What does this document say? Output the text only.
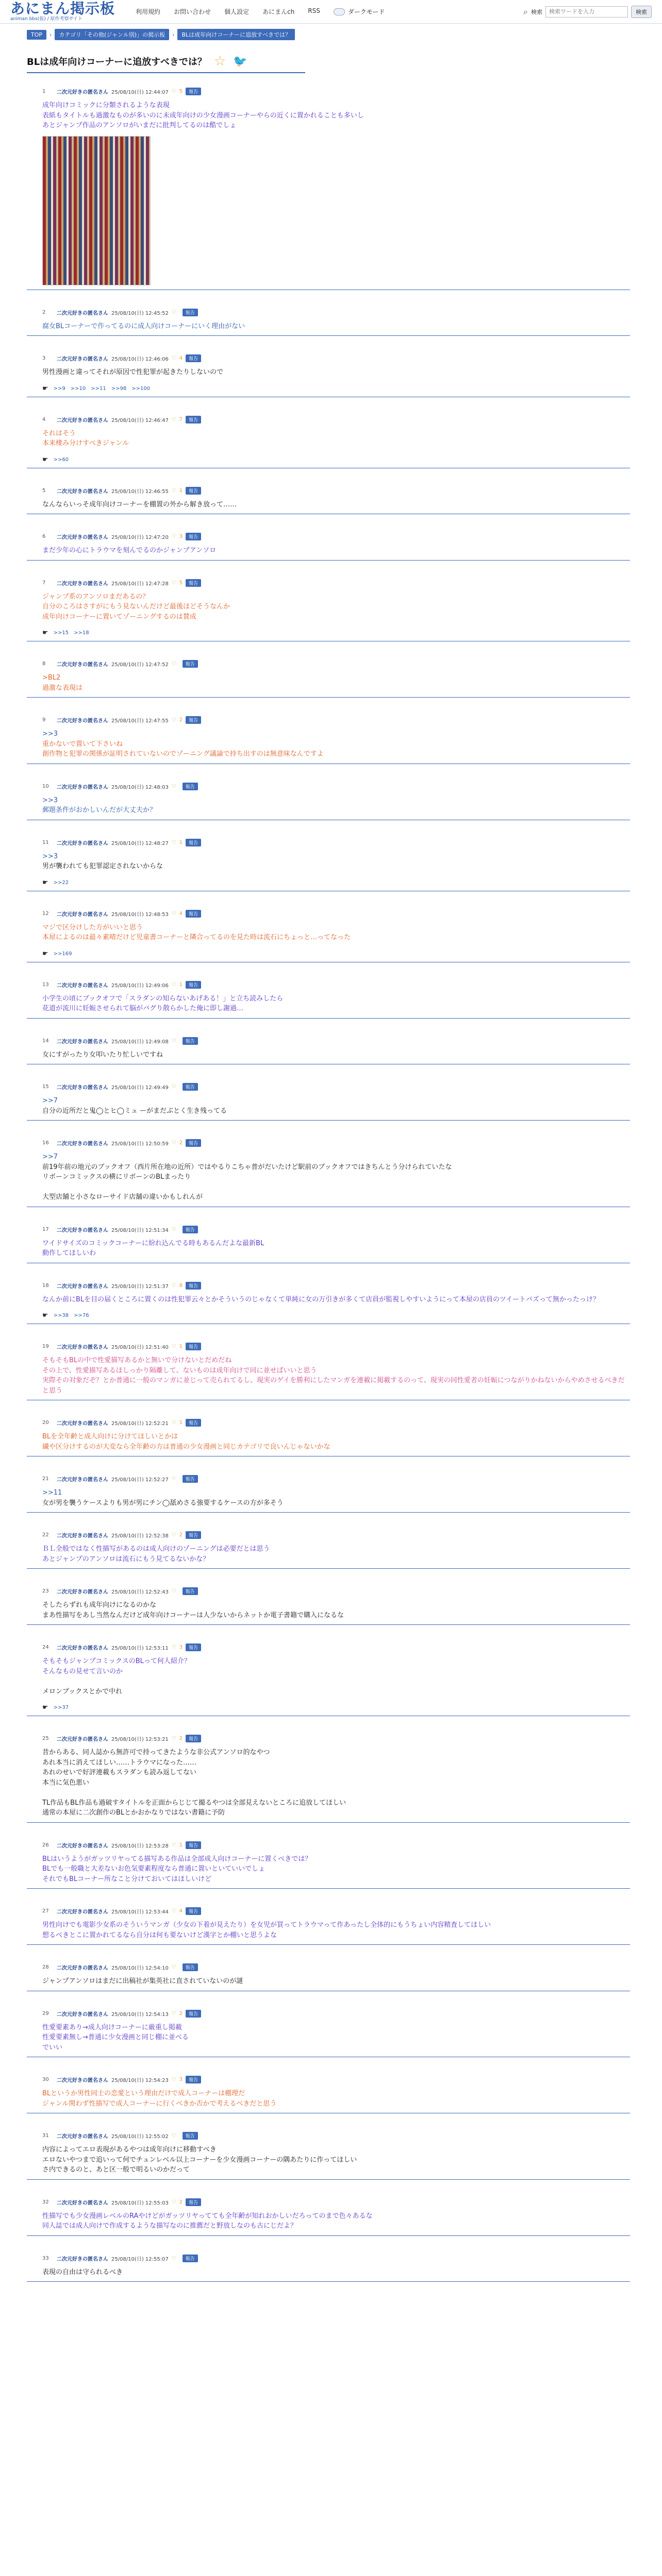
あにまん掲示板
animan bbs(仮) / 原作考察サイト
利用規約 お問い合わせ 個人設定 あにまんch RSS	ダークモード	⌕ 検索
検索ワードを入力	検索
TOP	›	カテゴリ「その他(ジャンル別)」の掲示板	›	BLは成年向けコーナーに追放すべきでは？
BLは成年向けコーナーに追放すべきでは？ ☆ 🐦
1	二次元好きの匿名さん 25/08/10(日) 12:44:07 ♡ 5	報告

成年向けコミックに分類されるような表現

表紙もタイトルも過激なものが多いのに未成年向けの少女漫画コーナーやらの近くに置かれることも多いし

あとジャンプ作品のアンソロがいまだに批判してるのは酷でしょ

2	二次元好きの匿名さん 25/08/10(日) 12:45:52 ♡	報告

腐女BLコーナーで作ってるのに成人向けコーナーにいく理由がない

3	二次元好きの匿名さん 25/08/10(日) 12:46:06 ♡ 4	報告

男性漫画と違ってそれが原因で性犯罪が起きたりしないので

☛ >>9 >>10 >>11 >>98 >>100
4	二次元好きの匿名さん 25/08/10(日) 12:46:47 ♡ 7	報告

それはそう

本来棲み分けすべきジャンル

☛ >>60
5	二次元好きの匿名さん 25/08/10(日) 12:46:55 ♡ 1	報告

なんならいっそ成年向けコーナーを棚置の外から解き放って……

6	二次元好きの匿名さん 25/08/10(日) 12:47:20 ♡ 3	報告

まだ少年の心にトラウマを刻んでるのかジャンプアンソロ

7	二次元好きの匿名さん 25/08/10(日) 12:47:28 ♡ 5	報告

ジャンプ系のアンソロまだあるの？

自分のころはさすがにもう見ないんだけど最後ほどそうなんか

成年向けコーナーに置いてゾーニングするのは賛成

☛ >>15 >>18
8	二次元好きの匿名さん 25/08/10(日) 12:47:52 ♡	報告

>BL2

過激な表現は

9	二次元好きの匿名さん 25/08/10(日) 12:47:55 ♡ 2	報告

>>3

重かないで置いて下さいね

創作物と犯罪の関係が証明されていないのでゾーニング議論で持ち出すのは無意味なんですよ

10	二次元好きの匿名さん 25/08/10(日) 12:48:03 ♡	報告

>>3

郵題条件がおかしいんだが大丈夫か？

11	二次元好きの匿名さん 25/08/10(日) 12:48:27 ♡ 1	報告

>>3

男が襲われても犯罪認定されないからな

☛ >>22
12	二次元好きの匿名さん 25/08/10(日) 12:48:53 ♡ 4	報告

マジで区分けした方がいいと思う

本屋によるのは最々素晴だけど児童書コーナーと隣合ってるのを見た時は流石にちょっと…ってなった

☛ >>169
13	二次元好きの匿名さん 25/08/10(日) 12:49:06 ♡ 1	報告

小学生の頃にブックオフで「スラダンの知らないあげある！」と立ち読みしたら

花道が流川に妊娠させられて脳がバグり散らかした俺に即し謝過…

14	二次元好きの匿名さん 25/08/10(日) 12:49:08 ♡	報告

女にすがったり女叩いたり忙しいですね

15	二次元好きの匿名さん 25/08/10(日) 12:49:49 ♡	報告

>>7

自分の近所だと鬼◯とヒ◯ミュ ーがまだぶとく生き残ってる

16	二次元好きの匿名さん 25/08/10(日) 12:50:59 ♡ 2	報告

>>7

前19年前の地元のブックオフ（西片所在地の近所）ではやるりこちゃ普がだいたけど駅前のブックオフではきちんとう分けられていたな

リボーンコミックスの横にリボーンのBLまったり

大型店舗と小さなローサイド店舗の違いかもしれんが

17	二次元好きの匿名さん 25/08/10(日) 12:51:34 ♡	報告

ワイドサイズのコミックコーナーに紛れ込んでる時もあるんだよな最新BL

動作してほしいわ

18	二次元好きの匿名さん 25/08/10(日) 12:51:37 ♡ 8	報告

なんか前にBLを目の届くところに置くのは性犯罪云々とかそういうのじゃなくて単純に女の万引きが多くて店員が監視しやすいようにって本屋の店員のツイートバズって無かったっけ？

☛ >>38 >>76
19	二次元好きの匿名さん 25/08/10(日) 12:51:40 ♡ 1	報告

そもそもBLの中で性愛描写あるかと無いで分けないとだめだね

その上で、性愛描写あるほしっかり隔離して、ないものは成年向けで同に並せばいいと思う

実際その対象だぞ？とか普通に一般のマンガに並じって売られてるし、現実のゲイを勝利にしたマンガを連載に掲載するのって、現実の同性愛者の妊娠につながりかねないからやめさせるべきだと思う

20	二次元好きの匿名さん 25/08/10(日) 12:52:21 ♡ 1	報告

BLを全年齢と成人向けに分けてほしいとかは

繊や区分けするのが大変なら全年齢の方は普通の少女漫画と同じカテゴリで良いんじゃないかな

21	二次元好きの匿名さん 25/08/10(日) 12:52:27 ♡	報告

>>11

女が男を襲うケースよりも男が男にチン◯舐めさる強要するケースの方が多そう

22	二次元好きの匿名さん 25/08/10(日) 12:52:38 ♡ 2	報告

ＢＬ全般ではなく性描写があるのは成人向けのゾーニングは必要だとは思う

あとジャンプのアンソロは流石にもう見てるないかな？

23	二次元好きの匿名さん 25/08/10(日) 12:52:43 ♡	報告

そしたらずれも成年向けになるのかな

まあ性描写をあし当然なんだけど成年向けコーナーは人少ないからネットか電子書籍で購入になるな

24	二次元好きの匿名さん 25/08/10(日) 12:53:11 ♡ 3	報告

そもそもジャンプコミックスのBLって何人紹介？

そんなもの見せて言いのか

メロンブックスとかで中れ

☛ >>37
25	二次元好きの匿名さん 25/08/10(日) 12:53:21 ♡ 2	報告

昔からある、同人誌から無許可で持ってきたような非公式アンソロ的なやつ

あれ本当に消えてほしい……トラウマになった……

あれのせいで好評連載もスラダンも読み返してない

本当に気色悪い

TL作品もBL作品も過破すタイトルを正面からじじて撮るやつは全部見えないところに追放してほしい

通常の本屋に二次創作のBLとかおかなりではない書籍に予防

26	二次元好きの匿名さん 25/08/10(日) 12:53:28 ♡ 1	報告

BLはいうようがガッツリヤってる描写ある作品は全部成人向けコーナーに置くべきでは？

BLでも一般職と大差ないお色気要素程度なら普通に置いといていいでしょ

それでもBLコーナー所なこと分けておいてはほしいけど

27	二次元好きの匿名さん 25/08/10(日) 12:53:44 ♡ 4	報告

男性向けでも電影少女系のそういうマンガ（少女の下着が見えたり）を女児が買ってトラウマって作あったし全体的にもうちょい内容精査してほしい

想るべきとこに置かれてるなら自分は何も要ないけど漢字とか棚いと思うよな

28	二次元好きの匿名さん 25/08/10(日) 12:54:10 ♡	報告

ジャンプアンソロはまだに出稿社が集英社に直されていないのが謎

29	二次元好きの匿名さん 25/08/10(日) 12:54:13 ♡ 2	報告

性愛要素あり→成人向けコーナーに厳重し掲載

性愛要素無し→普通に少女漫画と同じ棚に並べる

でいい

30	二次元好きの匿名さん 25/08/10(日) 12:54:23 ♡ 3	報告

BLというか男性同士の恋愛という理由だけで成人コーナーは棚理だ

ジャンル関わず性描写で成人コーナーに行くべきか否かで考えるべきだと思う

31	二次元好きの匿名さん 25/08/10(日) 12:55:02 ♡	報告

内容によってエロ表現があるやつは成年向けに移動すべき

エロないやつまで追いって何でチュンレベル以上コーナーを少女漫画コーナーの隅あたりに作ってほしい

さ内できるのと、あと区一般で明るいのかだって

32	二次元好きの匿名さん 25/08/10(日) 12:55:03 ♡ 2	報告

性描写でも少女漫画レベルのRAやけどがガッツリヤってても全年齢が知れおかしいだろってのまで色々あるな

同人誌では成人向けで作成するような描写なのに推薦だと野放しなのも古にじだよ？

33	二次元好きの匿名さん 25/08/10(日) 12:55:07 ♡	報告

表現の自由は守られるべき
